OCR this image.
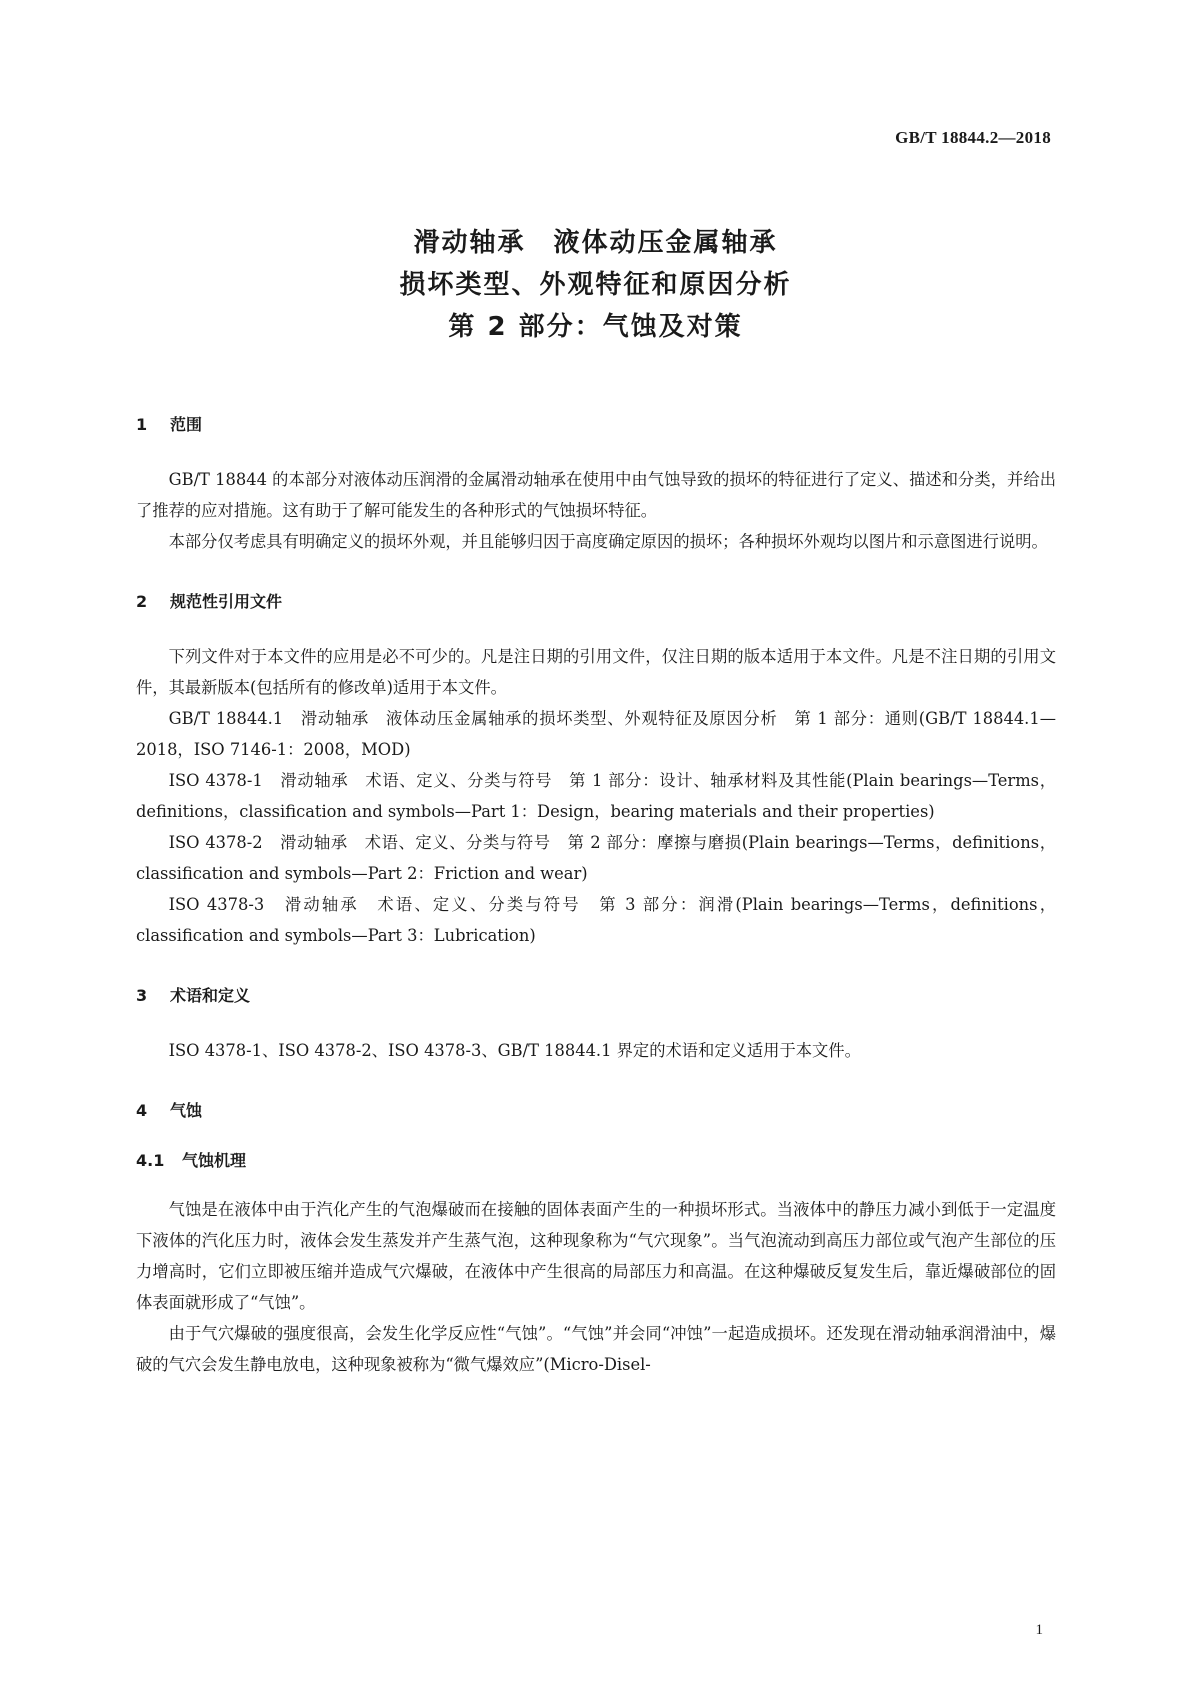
GB/T 18844.2—2018
滑动轴承　液体动压金属轴承
损坏类型、外观特征和原因分析
第 2 部分：气蚀及对策
1 范围

GB/T 18844 的本部分对液体动压润滑的金属滑动轴承在使用中由气蚀导致的损坏的特征进行了定义、描述和分类，并给出了推荐的应对措施。这有助于了解可能发生的各种形式的气蚀损坏特征。

本部分仅考虑具有明确定义的损坏外观，并且能够归因于高度确定原因的损坏；各种损坏外观均以图片和示意图进行说明。

2 规范性引用文件

下列文件对于本文件的应用是必不可少的。凡是注日期的引用文件，仅注日期的版本适用于本文件。凡是不注日期的引用文件，其最新版本(包括所有的修改单)适用于本文件。

GB/T 18844.1　滑动轴承　液体动压金属轴承的损坏类型、外观特征及原因分析　第 1 部分：通则(GB/T 18844.1—2018，ISO 7146-1：2008，MOD)

ISO 4378-1　滑动轴承　术语、定义、分类与符号　第 1 部分：设计、轴承材料及其性能(Plain bearings—Terms，definitions，classification and symbols—Part 1：Design，bearing materials and their properties)

ISO 4378-2　滑动轴承　术语、定义、分类与符号　第 2 部分：摩擦与磨损(Plain bearings—Terms，definitions，classification and symbols—Part 2：Friction and wear)

ISO 4378-3　滑动轴承　术语、定义、分类与符号　第 3 部分：润滑(Plain bearings—Terms，definitions，classification and symbols—Part 3：Lubrication)

3 术语和定义

ISO 4378-1、ISO 4378-2、ISO 4378-3、GB/T 18844.1 界定的术语和定义适用于本文件。

4 气蚀
4.1 气蚀机理

气蚀是在液体中由于汽化产生的气泡爆破而在接触的固体表面产生的一种损坏形式。当液体中的静压力减小到低于一定温度下液体的汽化压力时，液体会发生蒸发并产生蒸气泡，这种现象称为“气穴现象”。当气泡流动到高压力部位或气泡产生部位的压力增高时，它们立即被压缩并造成气穴爆破，在液体中产生很高的局部压力和高温。在这种爆破反复发生后，靠近爆破部位的固体表面就形成了“气蚀”。

由于气穴爆破的强度很高，会发生化学反应性“气蚀”。“气蚀”并会同“冲蚀”一起造成损坏。还发现在滑动轴承润滑油中，爆破的气穴会发生静电放电，这种现象被称为“微气爆效应”(Micro-Disel-

1
